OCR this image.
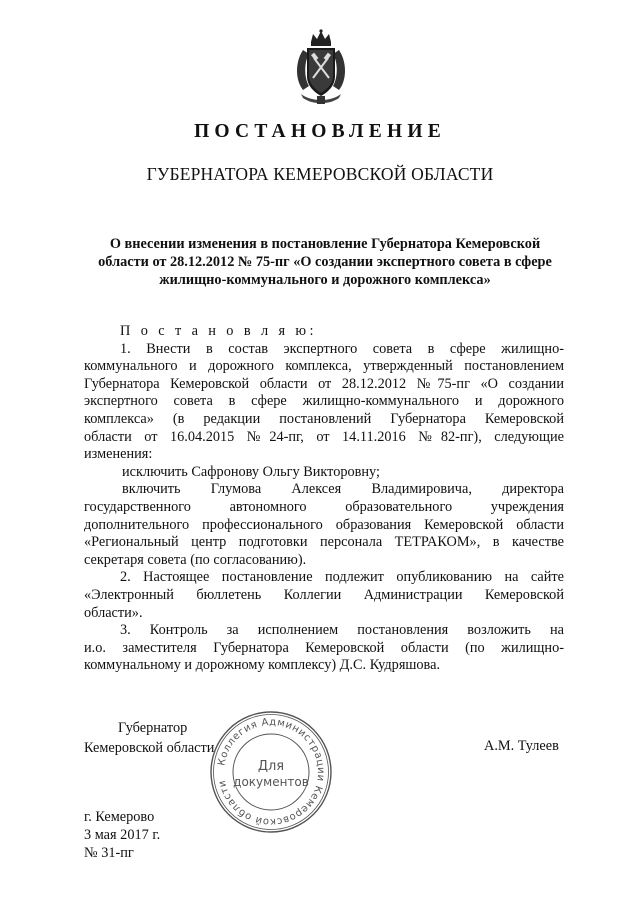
ПОСТАНОВЛЕНИЕ
ГУБЕРНАТОРА КЕМЕРОВСКОЙ ОБЛАСТИ
О внесении изменения в постановление Губернатора Кемеровской
области от 28.12.2012 № 75-пг «О создании экспертного совета в сфере
жилищно-коммунального и дорожного комплекса»
П о с т а н о в л я ю:
1. Внести в состав экспертного совета в сфере жилищно-
коммунального и дорожного комплекса, утвержденный постановлением
Губернатора Кемеровской области от 28.12.2012 №75-пг «О создании
экспертного совета в сфере жилищно-коммунального и дорожного
комплекса» (в редакции постановлений Губернатора Кемеровской
области от 16.04.2015 №24-пг, от 14.11.2016 №82-пг), следующие
изменения:
исключить Сафронову Ольгу Викторовну;
включить Глумова Алексея Владимировича, директора
государственного автономного образовательного учреждения
дополнительного профессионального образования Кемеровской области
«Региональный центр подготовки персонала ТЕТРАКОМ», в качестве
секретаря совета (по согласованию).
2. Настоящее постановление подлежит опубликованию на сайте
«Электронный бюллетень Коллегии Администрации Кемеровской
области».
3. Контроль за исполнением постановления возложить на
и.о. заместителя Губернатора Кемеровской области (по жилищно-
коммунальному и дорожному комплексу) Д.С. Кудряшова.
Губернатор
Кемеровской области	А.М. Тулеев
Коллегия Администрации Кемеровской области
Для
документов
г. Кемерово
3 мая 2017 г.
№ 31-пг
